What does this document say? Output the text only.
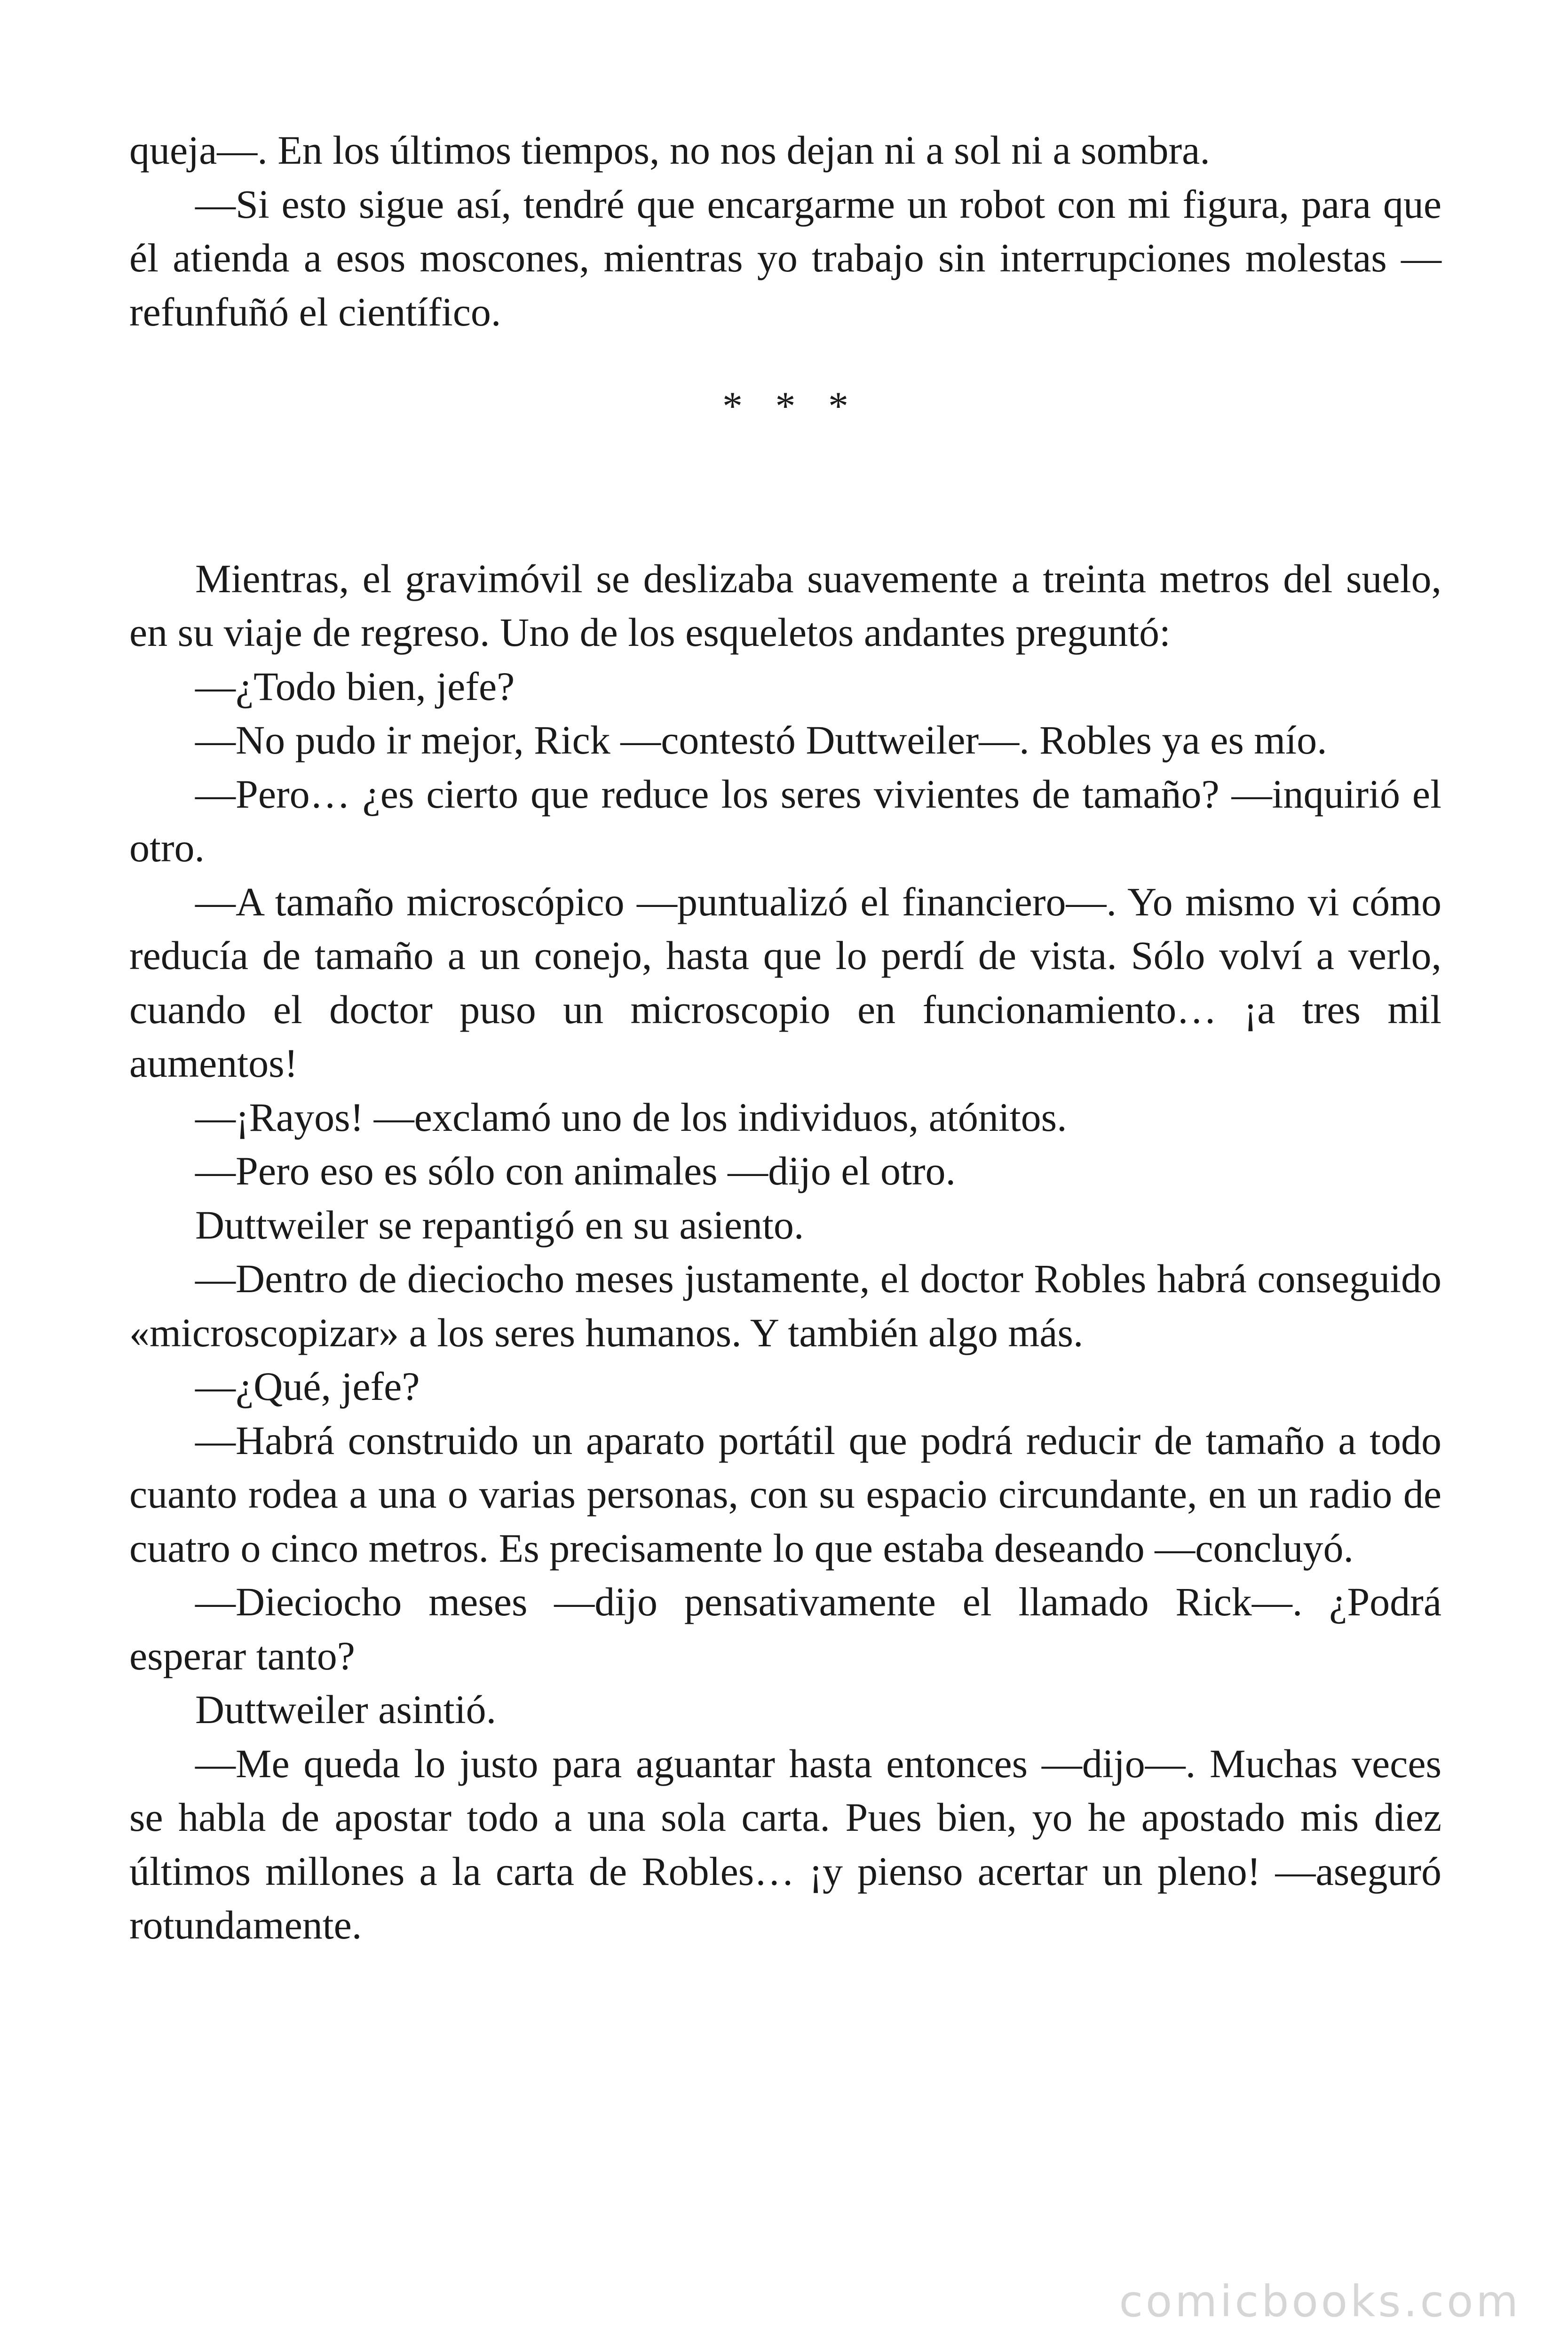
queja—. En los últimos tiempos, no nos dejan ni a sol ni a sombra.

—Si esto sigue así, tendré que encargarme un robot con mi figura, para que él atienda a esos moscones, mientras yo trabajo sin interrupciones molestas —refunfuñó el científico.

* * *

Mientras, el gravimóvil se deslizaba suavemente a treinta metros del suelo, en su viaje de regreso. Uno de los esqueletos andantes preguntó:

—¿Todo bien, jefe?

—No pudo ir mejor, Rick —contestó Duttweiler—. Robles ya es mío.

—Pero… ¿es cierto que reduce los seres vivientes de tamaño? —inquirió el otro.

—A tamaño microscópico —puntualizó el financiero—. Yo mismo vi cómo reducía de tamaño a un conejo, hasta que lo perdí de vista. Sólo volví a verlo, cuando el doctor puso un microscopio en funcionamiento… ¡a tres mil aumentos!

—¡Rayos! —exclamó uno de los individuos, atónitos.

—Pero eso es sólo con animales —dijo el otro.

Duttweiler se repantigó en su asiento.

—Dentro de dieciocho meses justamente, el doctor Robles habrá conseguido «microscopizar» a los seres humanos. Y también algo más.

—¿Qué, jefe?

—Habrá construido un aparato portátil que podrá reducir de tamaño a todo cuanto rodea a una o varias personas, con su espacio circundante, en un radio de cuatro o cinco metros. Es precisamente lo que estaba deseando —concluyó.

—Dieciocho meses —dijo pensativamente el llamado Rick—. ¿Podrá esperar tanto?

Duttweiler asintió.

—Me queda lo justo para aguantar hasta entonces —dijo—. Muchas veces se habla de apostar todo a una sola carta. Pues bien, yo he apostado mis diez últimos millones a la carta de Robles… ¡y pienso acertar un pleno! —aseguró rotundamente.

comicbooks.com
